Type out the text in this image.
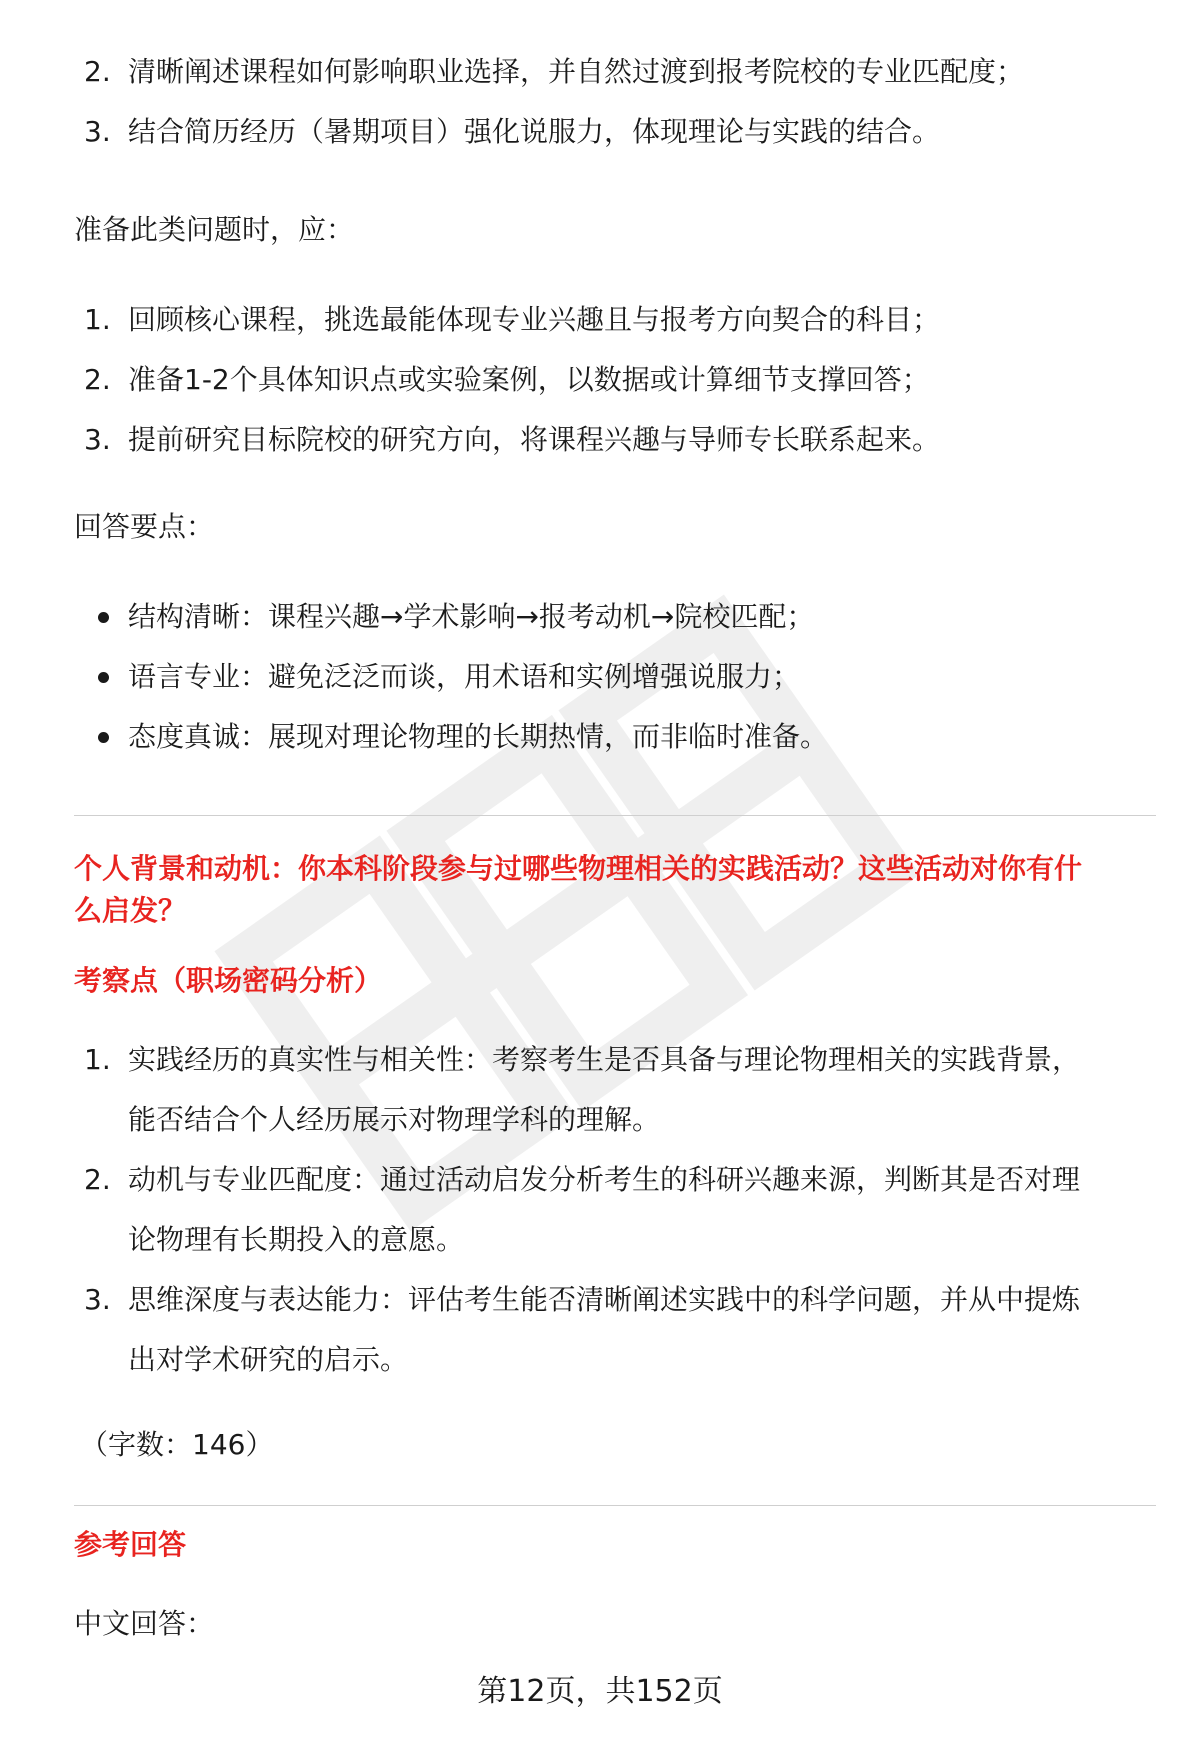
2. 清晰阐述课程如何影响职业选择，并自然过渡到报考院校的专业匹配度；
3. 结合简历经历（暑期项目）强化说服力，体现理论与实践的结合。

准备此类问题时，应：

1. 回顾核心课程，挑选最能体现专业兴趣且与报考方向契合的科目；
2. 准备1-2个具体知识点或实验案例，以数据或计算细节支撑回答；
3. 提前研究目标院校的研究方向，将课程兴趣与导师专长联系起来。

回答要点：

结构清晰：课程兴趣→学术影响→报考动机→院校匹配；
语言专业：避免泛泛而谈，用术语和实例增强说服力；
态度真诚：展现对理论物理的长期热情，而非临时准备。

个人背景和动机：你本科阶段参与过哪些物理相关的实践活动？这些活动对你有什

么启发？

考察点（职场密码分析）

1. 实践经历的真实性与相关性：考察考生是否具备与理论物理相关的实践背景，
能否结合个人经历展示对物理学科的理解。
2. 动机与专业匹配度：通过活动启发分析考生的科研兴趣来源，判断其是否对理
论物理有长期投入的意愿。
3. 思维深度与表达能力：评估考生能否清晰阐述实践中的科学问题，并从中提炼
出对学术研究的启示。

（字数：146）

参考回答

中文回答：

第12页，共152页
